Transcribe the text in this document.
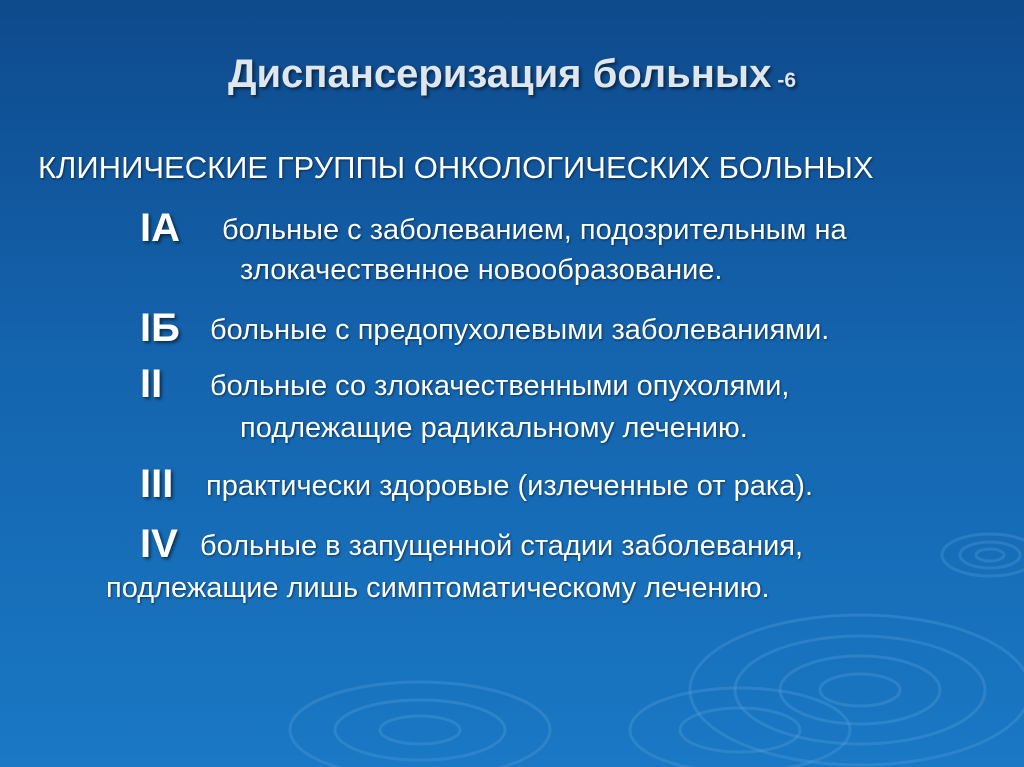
Диспансеризация больных -6
КЛИНИЧЕСКИЕ ГРУППЫ ОНКОЛОГИЧЕСКИХ БОЛЬНЫХ
IА больные с заболеванием, подозрительным на
злокачественное новообразование.
IБ больные с предопухолевыми заболеваниями.
II больные со злокачественными опухолями,
подлежащие радикальному лечению.
III практически здоровые (излеченные от рака).
IV больные в запущенной стадии заболевания,
подлежащие лишь симптоматическому лечению.
